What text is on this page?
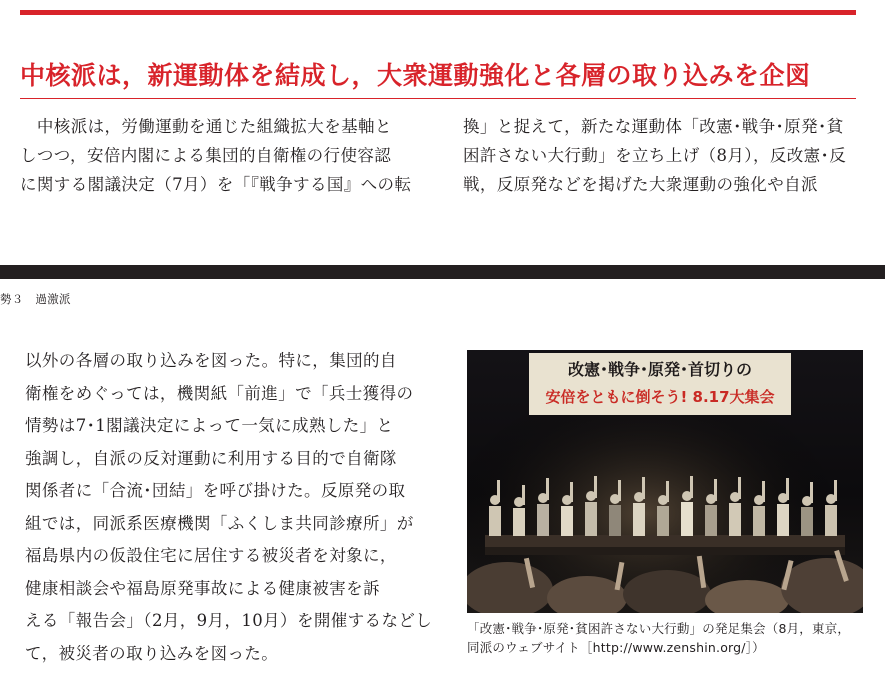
中核派は，新運動体を結成し，大衆運動強化と各層の取り込みを企図
　中核派は，労働運動を通じた組織拡大を基軸と
しつつ，安倍内閣による集団的自衛権の行使容認
に関する閣議決定（7月）を「『戦争する国』への転
換」と捉えて，新たな運動体「改憲･戦争･原発･貧
困許さない大行動」を立ち上げ（8月），反改憲･反
戦，反原発などを掲げた大衆運動の強化や自派
勢３　過激派
以外の各層の取り込みを図った。特に，集団的自
衛権をめぐっては，機関紙「前進」で「兵士獲得の
情勢は7･1閣議決定によって一気に成熟した」と
強調し，自派の反対運動に利用する目的で自衛隊
関係者に「合流･団結」を呼び掛けた。反原発の取
組では，同派系医療機関「ふくしま共同診療所」が
福島県内の仮設住宅に居住する被災者を対象に，
健康相談会や福島原発事故による健康被害を訴
える「報告会」（2月，9月，10月）を開催するなどし
て，被災者の取り込みを図った。
改憲･戦争･原発･首切りの
安倍をともに倒そう! 8.17大集会
「改憲･戦争･原発･貧困許さない大行動」の発足集会（8月，東京，
同派のウェブサイト［http://www.zenshin.org/］）
